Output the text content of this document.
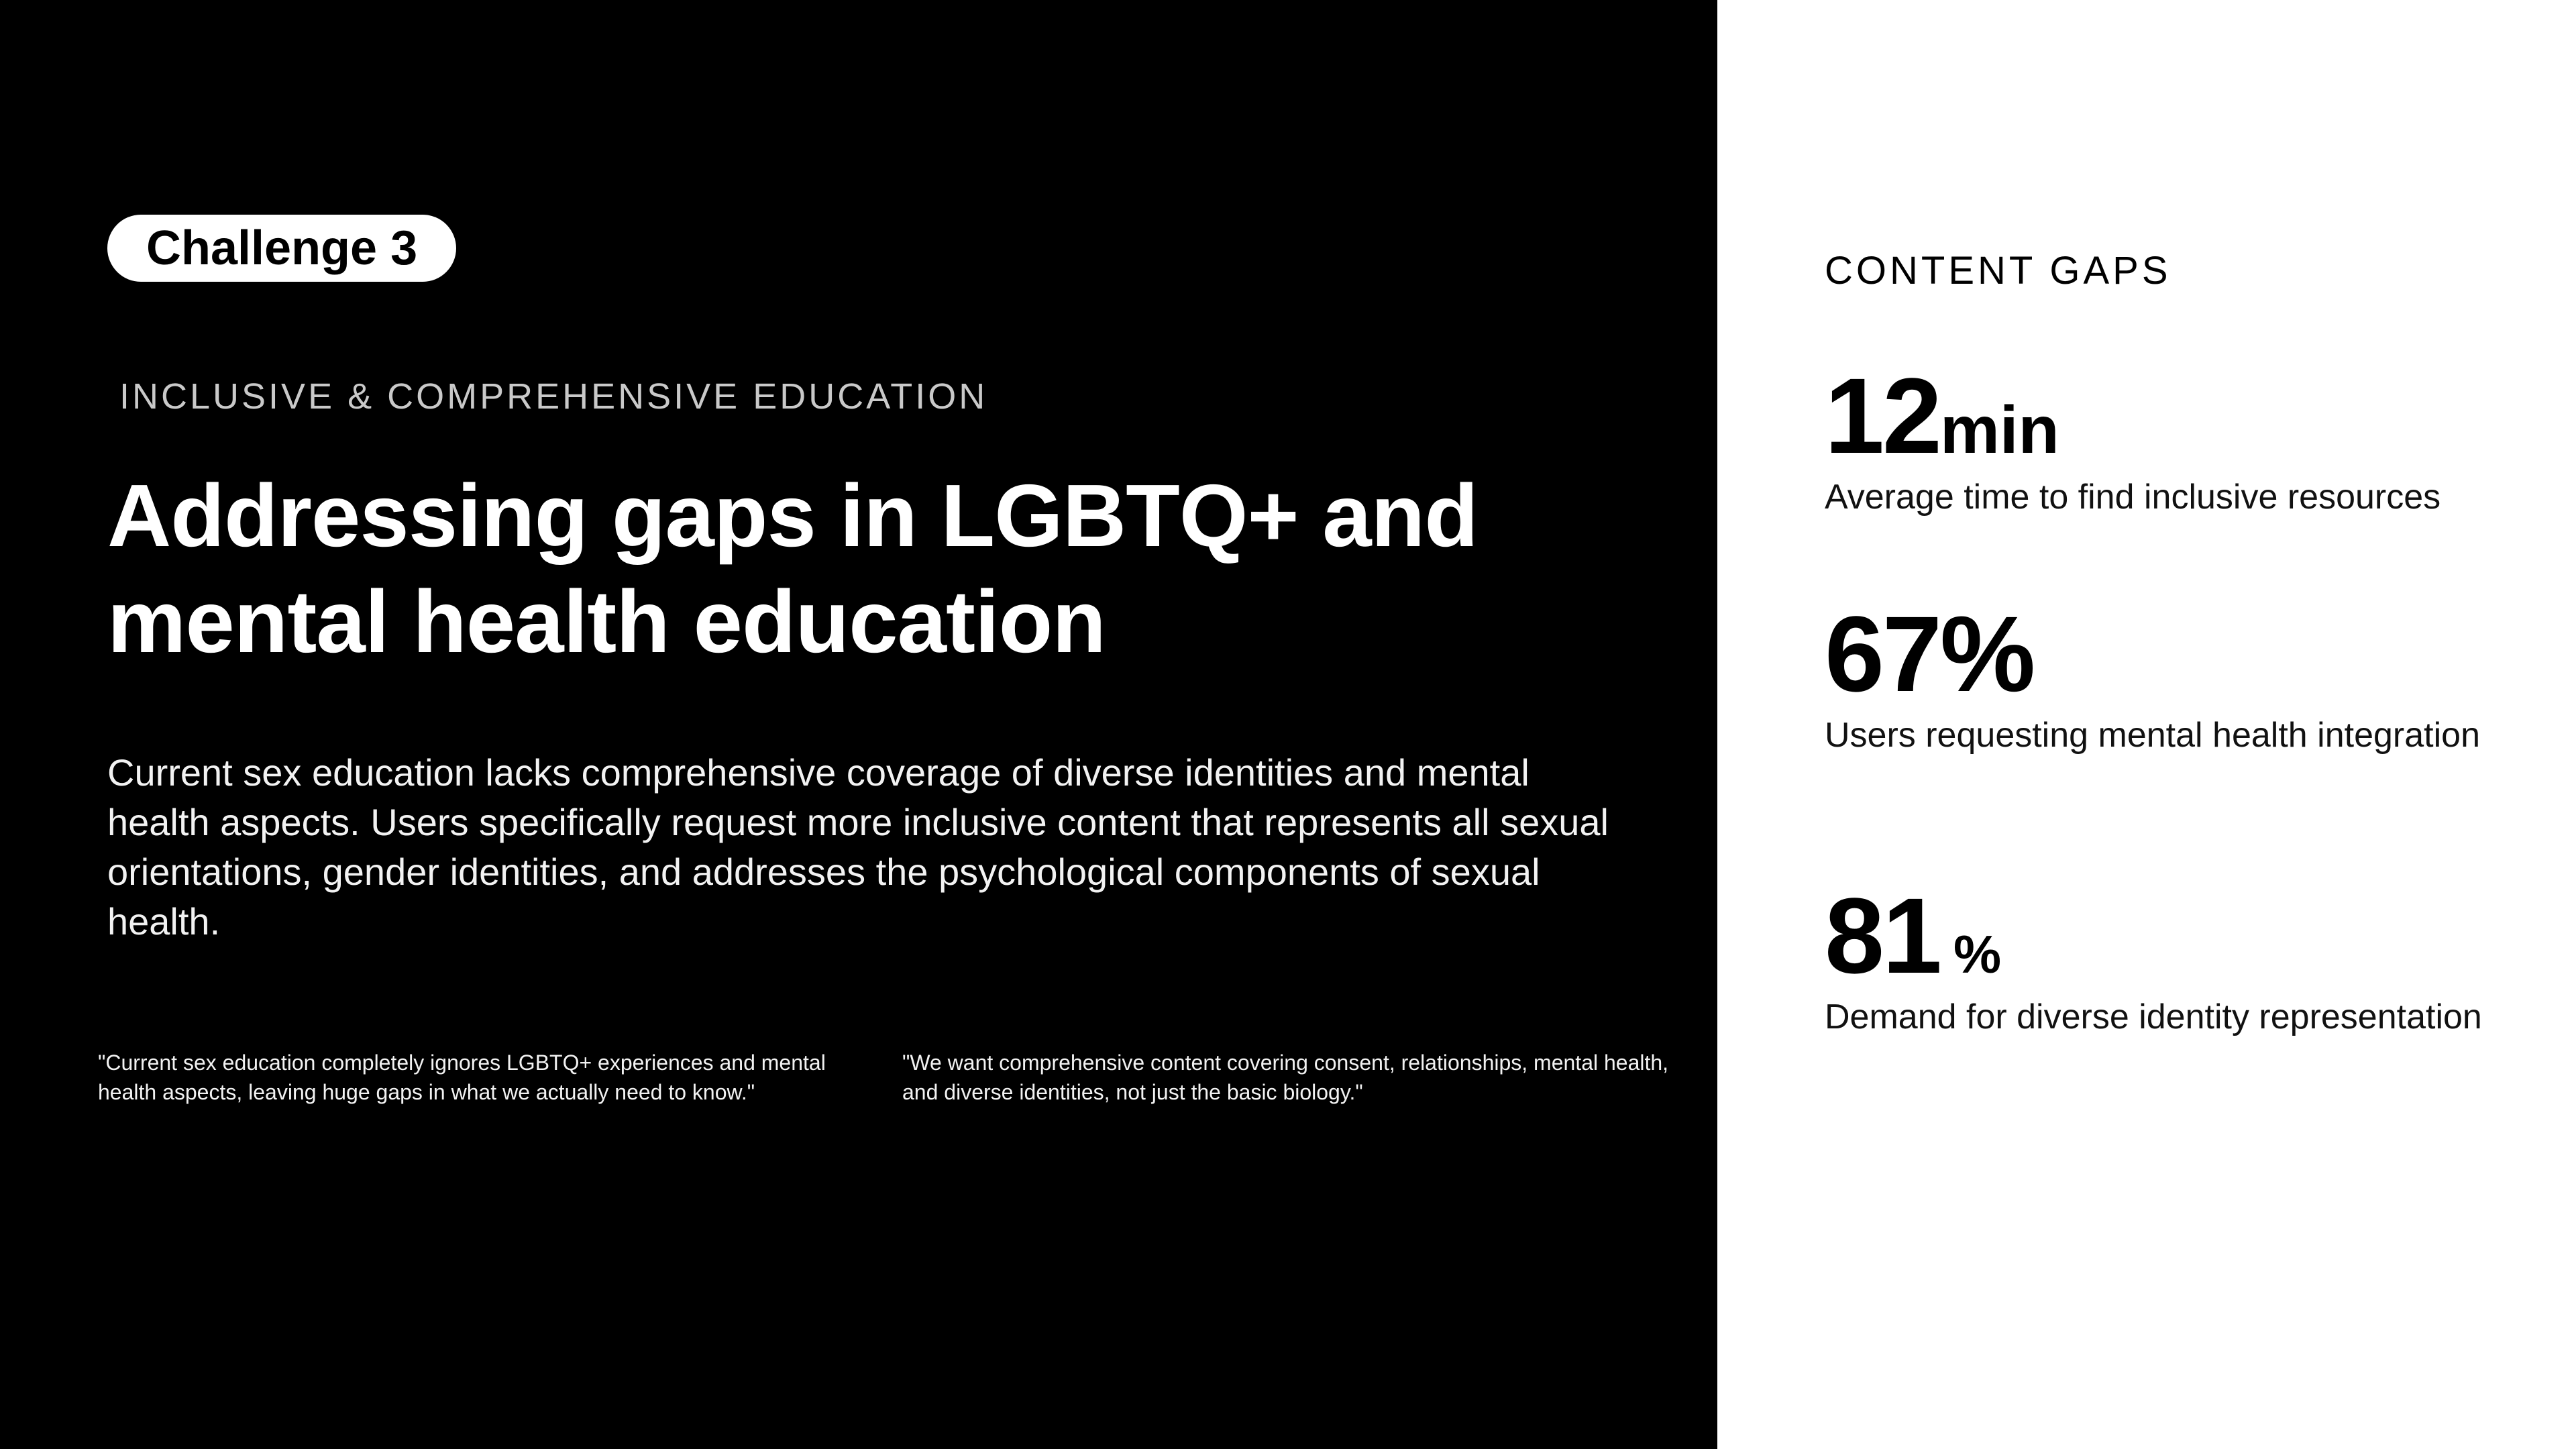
Challenge 3
INCLUSIVE & COMPREHENSIVE EDUCATION
Addressing gaps in LGBTQ+ and
mental health education

Current sex education lacks comprehensive coverage of diverse identities and mental health aspects. Users specifically request more inclusive content that represents all sexual orientations, gender identities, and addresses the psychological components of sexual health.

"Current sex education completely ignores LGBTQ+ experiences and mental health aspects, leaving huge gaps in what we actually need to know."

"We want comprehensive content covering consent, relationships, mental health, and diverse identities, not just the basic biology."

CONTENT GAPS
12min
Average time to find inclusive resources
67%
Users requesting mental health integration
81 %
Demand for diverse identity representation
